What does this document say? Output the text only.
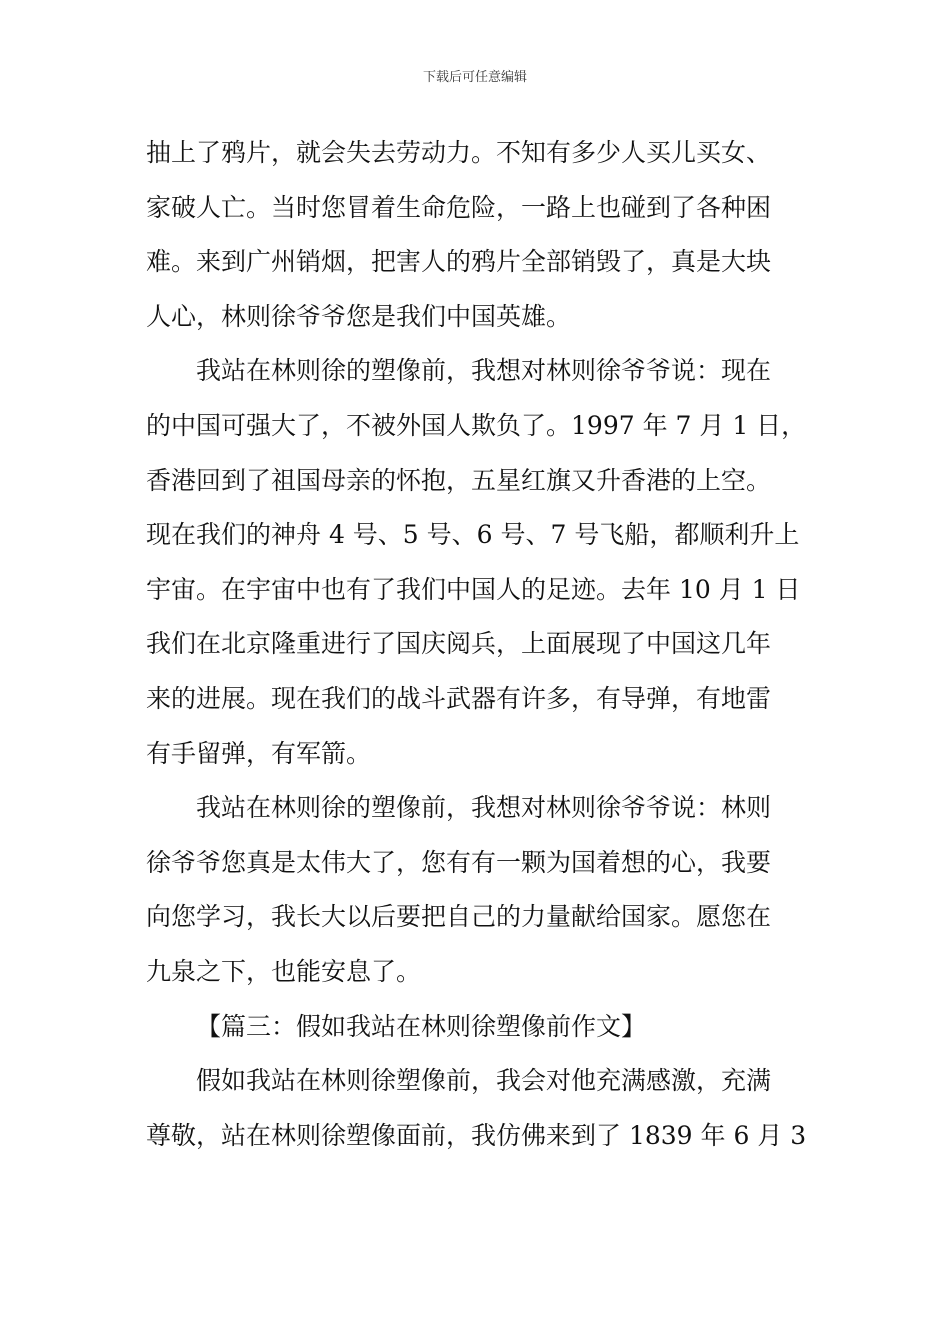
下载后可任意编辑
抽上了鸦片，就会失去劳动力。不知有多少人买儿买女、
家破人亡。当时您冒着生命危险，一路上也碰到了各种困
难。来到广州销烟，把害人的鸦片全部销毁了，真是大块
人心，林则徐爷爷您是我们中国英雄。
我站在林则徐的塑像前，我想对林则徐爷爷说：现在
的中国可强大了，不被外国人欺负了。1997 年 7 月 1 日，
香港回到了祖国母亲的怀抱，五星红旗又升香港的上空。
现在我们的神舟 4 号、5 号、6 号、7 号飞船，都顺利升上
宇宙。在宇宙中也有了我们中国人的足迹。去年 10 月 1 日
我们在北京隆重进行了国庆阅兵，上面展现了中国这几年
来的进展。现在我们的战斗武器有许多，有导弹，有地雷
有手留弹，有军箭。
我站在林则徐的塑像前，我想对林则徐爷爷说：林则
徐爷爷您真是太伟大了，您有有一颗为国着想的心，我要
向您学习，我长大以后要把自己的力量献给国家。愿您在
九泉之下，也能安息了。
【篇三：假如我站在林则徐塑像前作文】
假如我站在林则徐塑像前，我会对他充满感激，充满
尊敬，站在林则徐塑像面前，我仿佛来到了 1839 年 6 月 3
